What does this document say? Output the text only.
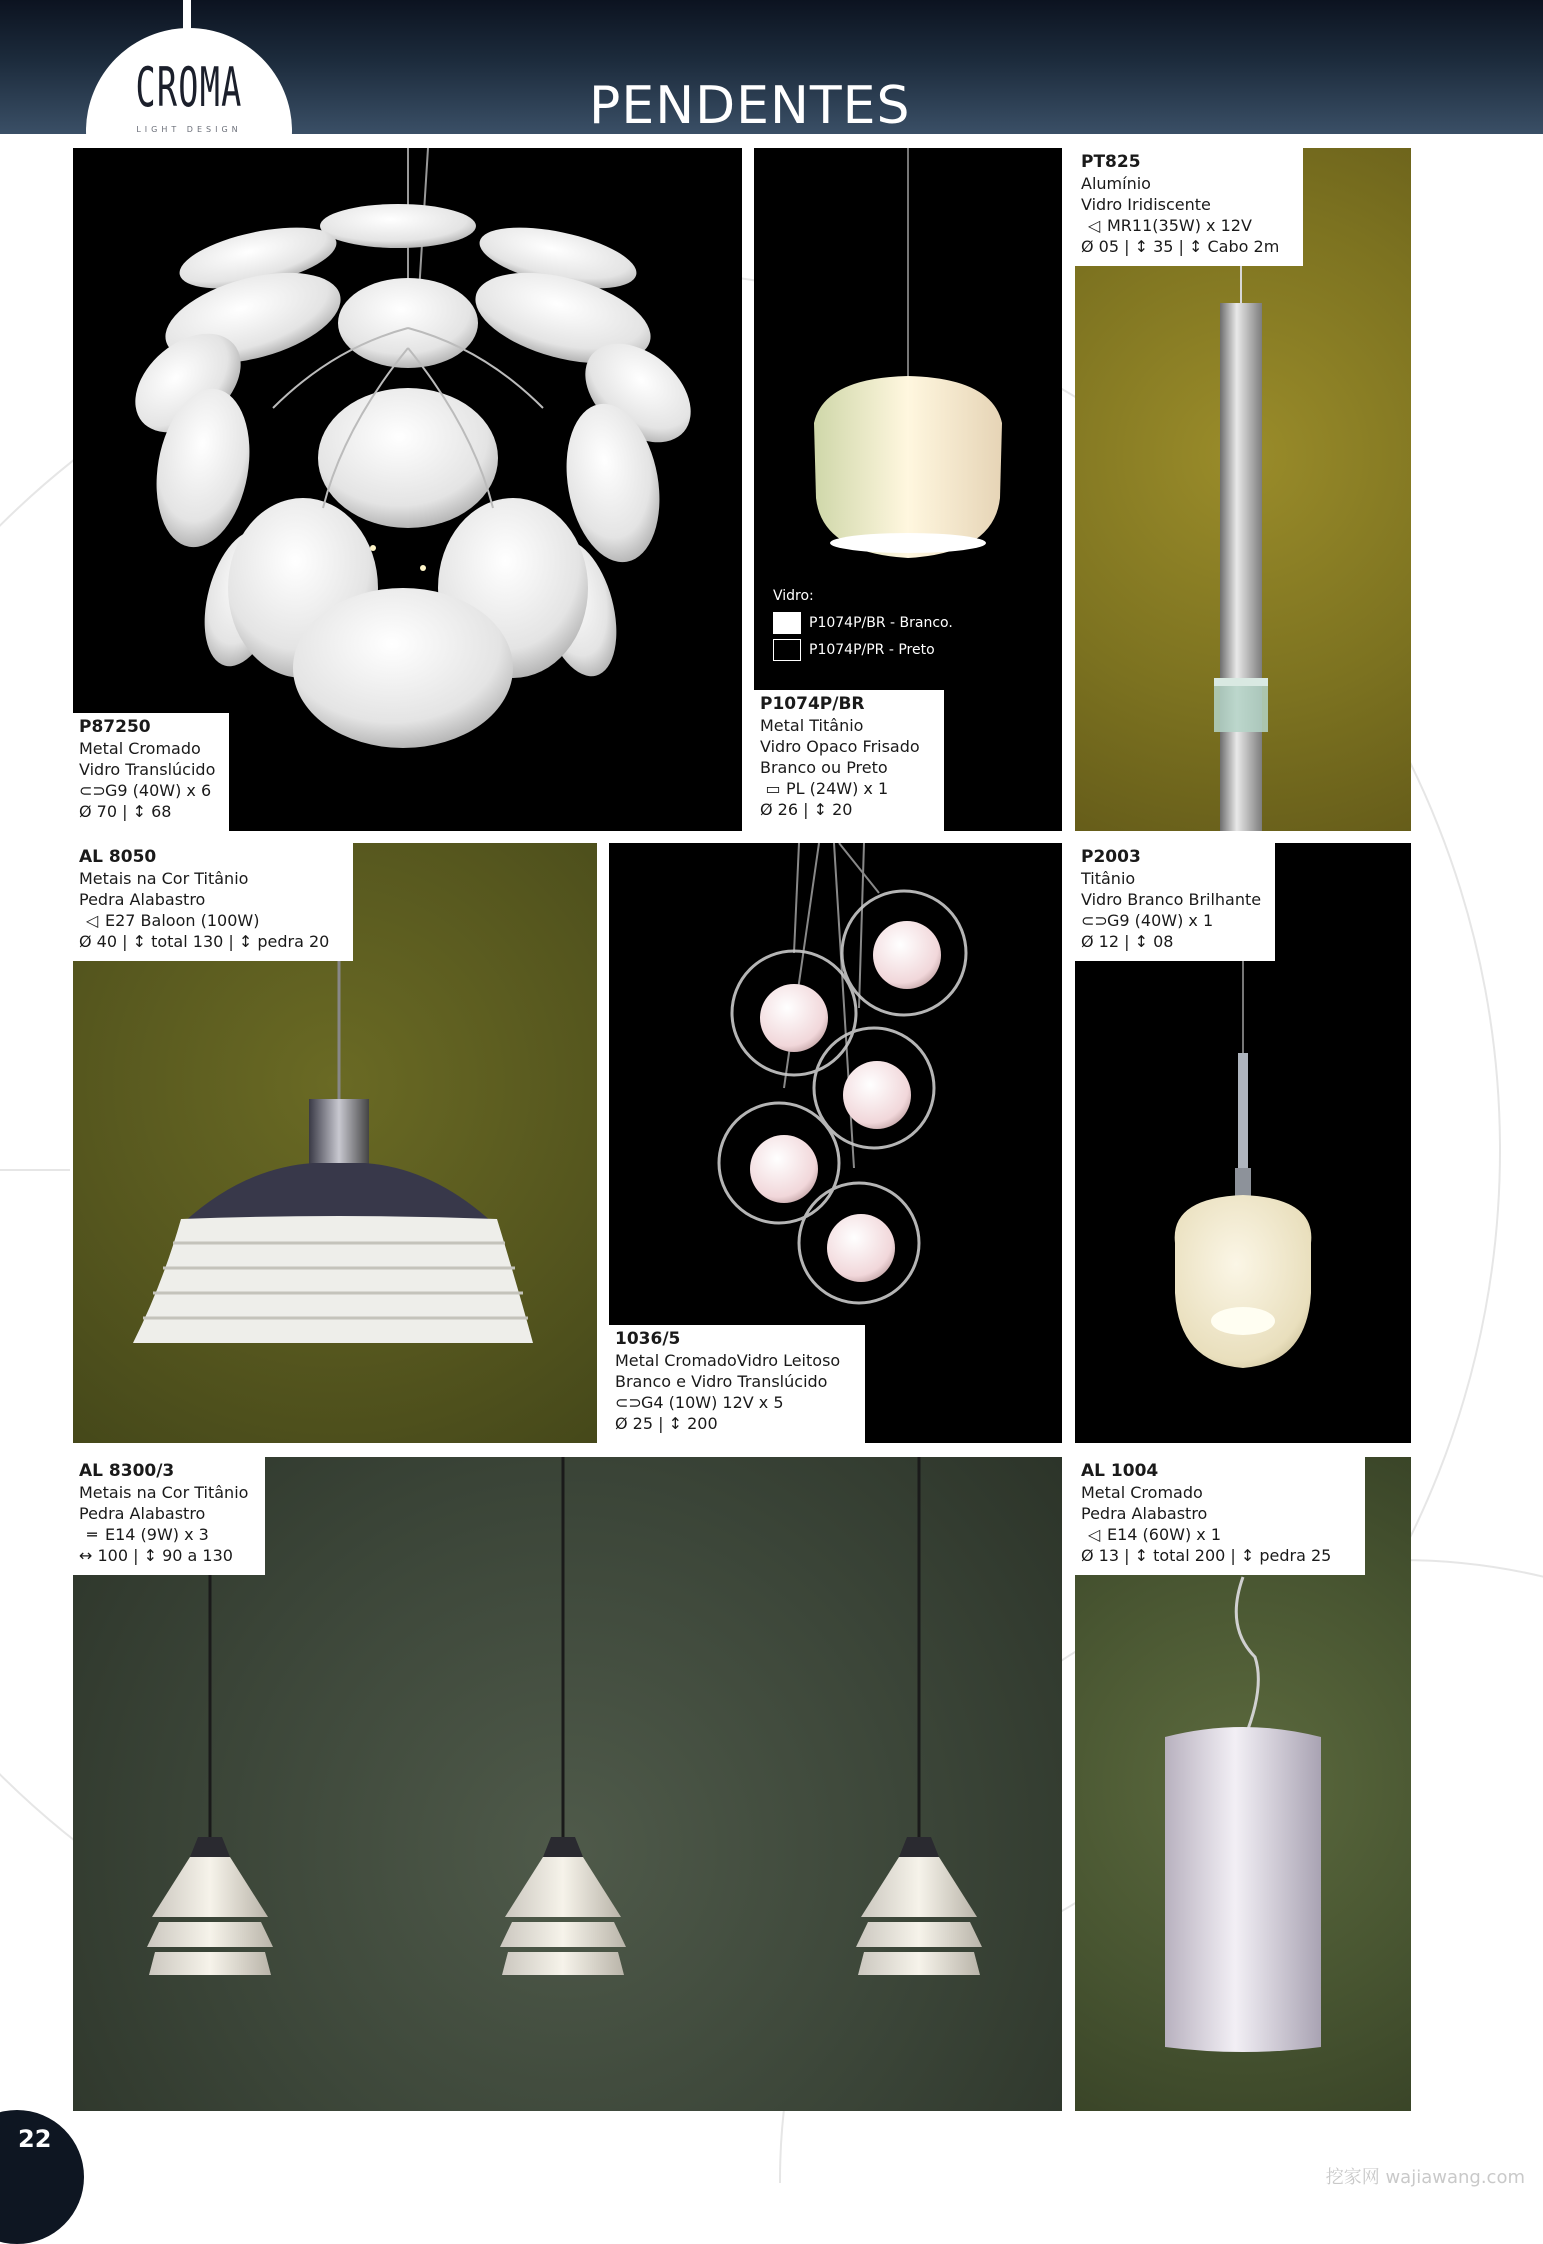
CROMA
LIGHT DESIGN	PENDENTES
P87250
Metal Cromado
Vidro Translúcido
⊂⊃G9 (40W) x 6
Ø 70 | ↕ 68
Vidro:
P1074P/BR - Branco.
P1074P/PR - Preto
P1074P/BR
Metal Titânio
Vidro Opaco Frisado
Branco ou Preto
▭ PL (24W) x 1
Ø 26 | ↕ 20
PT825
Alumínio
Vidro Iridiscente
◁ MR11(35W) x 12V
Ø 05 | ↕ 35 | ↕ Cabo 2m
AL 8050
Metais na Cor Titânio
Pedra Alabastro
◁ E27 Baloon (100W)
Ø 40 | ↕ total 130 | ↕ pedra 20
1036/5
Metal CromadoVidro Leitoso
Branco e Vidro Translúcido
⊂⊃G4 (10W) 12V x 5
Ø 25 | ↕ 200
P2003
Titânio
Vidro Branco Brilhante
⊂⊃G9 (40W) x 1
Ø 12 | ↕ 08
AL 8300/3
Metais na Cor Titânio
Pedra Alabastro
═ E14 (9W) x 3
↔ 100 | ↕ 90 a 130
AL 1004
Metal Cromado
Pedra Alabastro
◁ E14 (60W) x 1
Ø 13 | ↕ total 200 | ↕ pedra 25
22
挖家网 wajiawang.com
